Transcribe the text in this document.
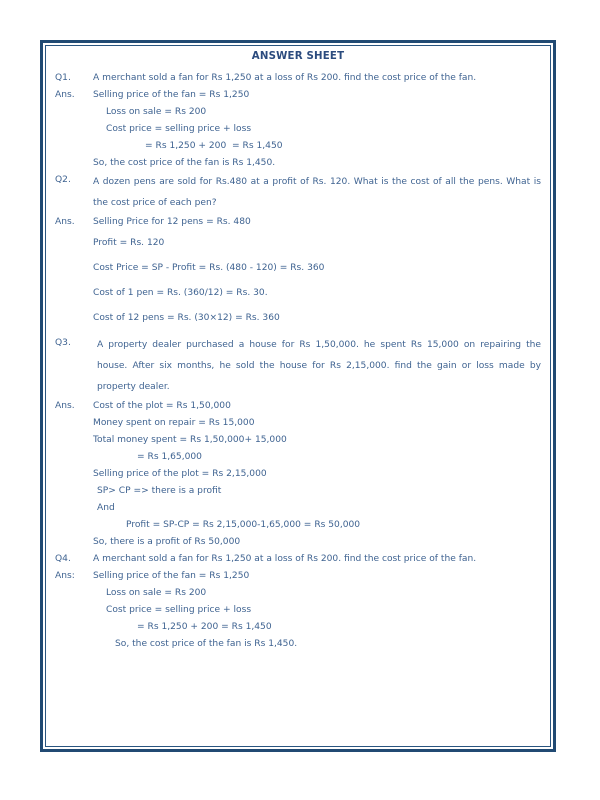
ANSWER SHEET
Q1.	A merchant sold a fan for Rs 1,250 at a loss of Rs 200. find the cost price of the fan.
Ans.	Selling price of the fan = Rs 1,250
Loss on sale = Rs 200
Cost price = selling price + loss
= Rs 1,250 + 200  = Rs 1,450
So, the cost price of the fan is Rs 1,450.
Q2.	A dozen pens are sold for Rs.480 at a profit of Rs. 120. What is the cost of all the pens. What is the cost price of each pen?
Ans.	Selling Price for 12 pens = Rs. 480
Profit = Rs. 120
Cost Price = SP - Profit = Rs. (480 - 120) = Rs. 360
Cost of 1 pen = Rs. (360/12) = Rs. 30.
Cost of 12 pens = Rs. (30×12) = Rs. 360
Q3.	A property dealer purchased a house for Rs 1,50,000. he spent Rs 15,000 on repairing the house. After six months, he sold the house for Rs 2,15,000. find the gain or loss made by property dealer.
Ans.	Cost of the plot = Rs 1,50,000
Money spent on repair = Rs 15,000
Total money spent = Rs 1,50,000+ 15,000
= Rs 1,65,000
Selling price of the plot = Rs 2,15,000
SP> CP => there is a profit
And
Profit = SP-CP = Rs 2,15,000-1,65,000 = Rs 50,000
So, there is a profit of Rs 50,000
Q4.	A merchant sold a fan for Rs 1,250 at a loss of Rs 200. find the cost price of the fan.
Ans:	Selling price of the fan = Rs 1,250
Loss on sale = Rs 200
Cost price = selling price + loss
= Rs 1,250 + 200 = Rs 1,450
So, the cost price of the fan is Rs 1,450.
